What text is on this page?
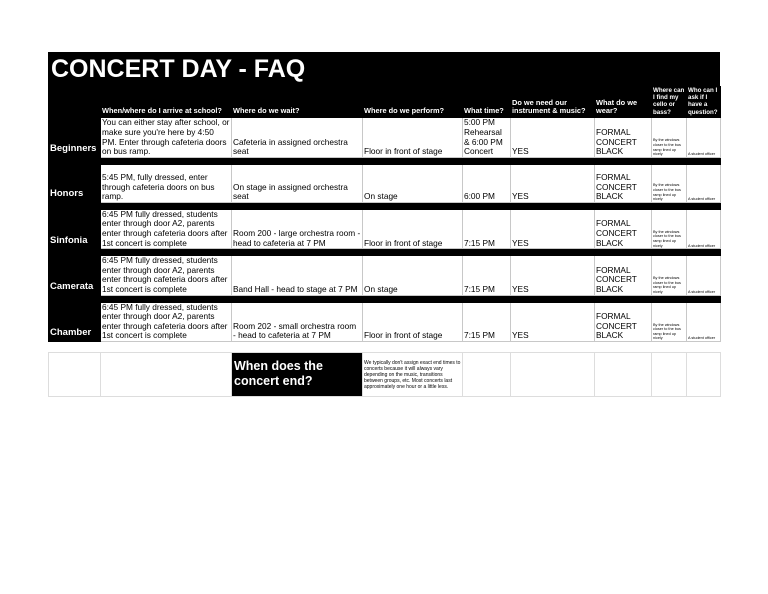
CONCERT DAY - FAQ
	When/where do I arrive at school?	Where do we wait?	Where do we perform?	What time?	Do we need our instrument & music?	What do we wear?	Where can I find my cello or bass?	Who can I ask if I have a question?
Beginners	You can either stay after school, or make sure you're here by 4:50 PM. Enter through cafeteria doors on bus ramp.	Cafeteria in assigned orchestra seat	Floor in front of stage	5:00 PM Rehearsal & 6:00 PM Concert	YES	FORMAL CONCERT BLACK	By the windows closer to the bus ramp lined up nicely	A student officer

Honors	5:45 PM, fully dressed, enter through cafeteria doors on bus ramp.	On stage in assigned orchestra seat	On stage	6:00 PM	YES	FORMAL CONCERT BLACK	By the windows closer to the bus ramp lined up nicely	A student officer

Sinfonia	6:45 PM fully dressed, students enter through door A2, parents enter through cafeteria doors after 1st concert is complete	Room 200 - large orchestra room - head to cafeteria at 7 PM	Floor in front of stage	7:15 PM	YES	FORMAL CONCERT BLACK	By the windows closer to the bus ramp lined up nicely	A student officer

Camerata	6:45 PM fully dressed, students enter through door A2, parents enter through cafeteria doors after 1st concert is complete	Band Hall - head to stage at 7 PM	On stage	7:15 PM	YES	FORMAL CONCERT BLACK	By the windows closer to the bus ramp lined up nicely	A student officer

Chamber	6:45 PM fully dressed, students enter through door A2, parents enter through cafeteria doors after 1st concert is complete	Room 202 - small orchestra room - head to cafeteria at 7 PM	Floor in front of stage	7:15 PM	YES	FORMAL CONCERT BLACK	By the windows closer to the bus ramp lined up nicely	A student officer
		When does the concert end?	We typically don't assign exact end times to concerts because it will always vary depending on the music, transitions between groups, etc. Most concerts last approximately one hour or a little less.					
